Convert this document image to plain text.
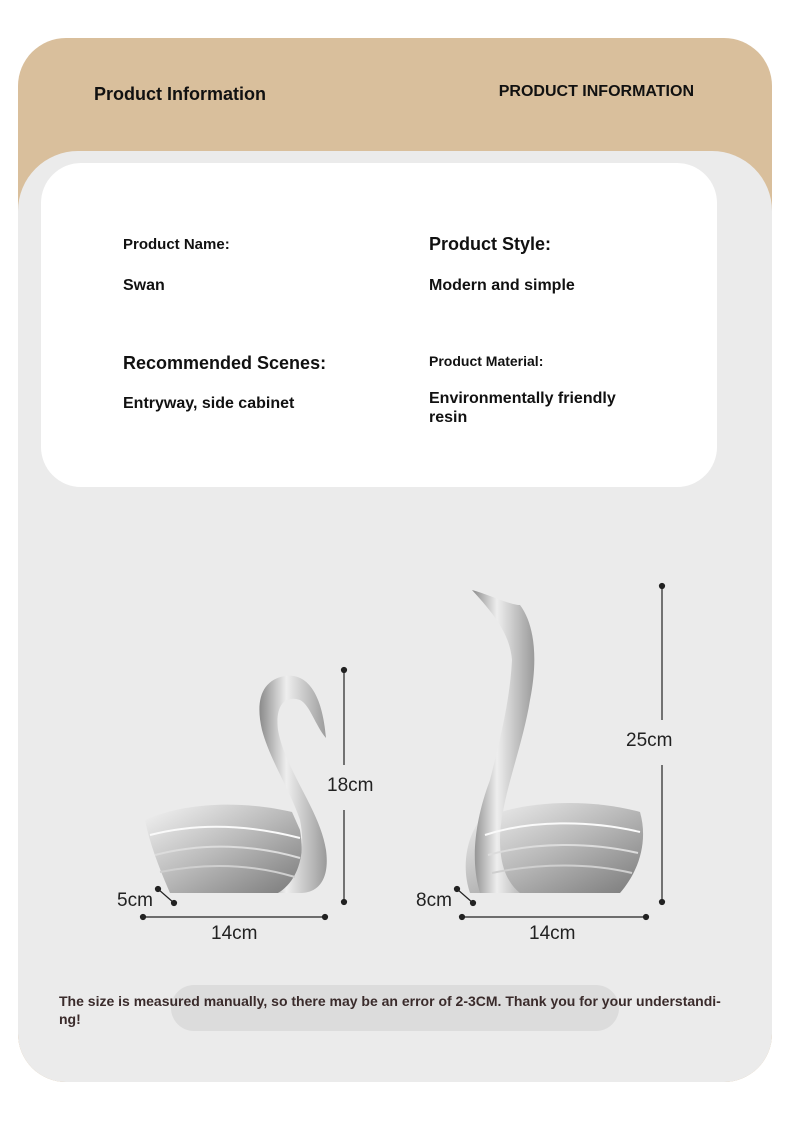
Product Information	PRODUCT INFORMATION
Product Name:
Swan
Product Style:
Modern and simple
Recommended Scenes:
Entryway, side cabinet
Product Material:
Environmentally friendly resin
18cm
14cm
5cm
25cm
14cm
8cm
The size is measured manually, so there may be an error of 2-3CM. Thank you for your understandi-ng!
